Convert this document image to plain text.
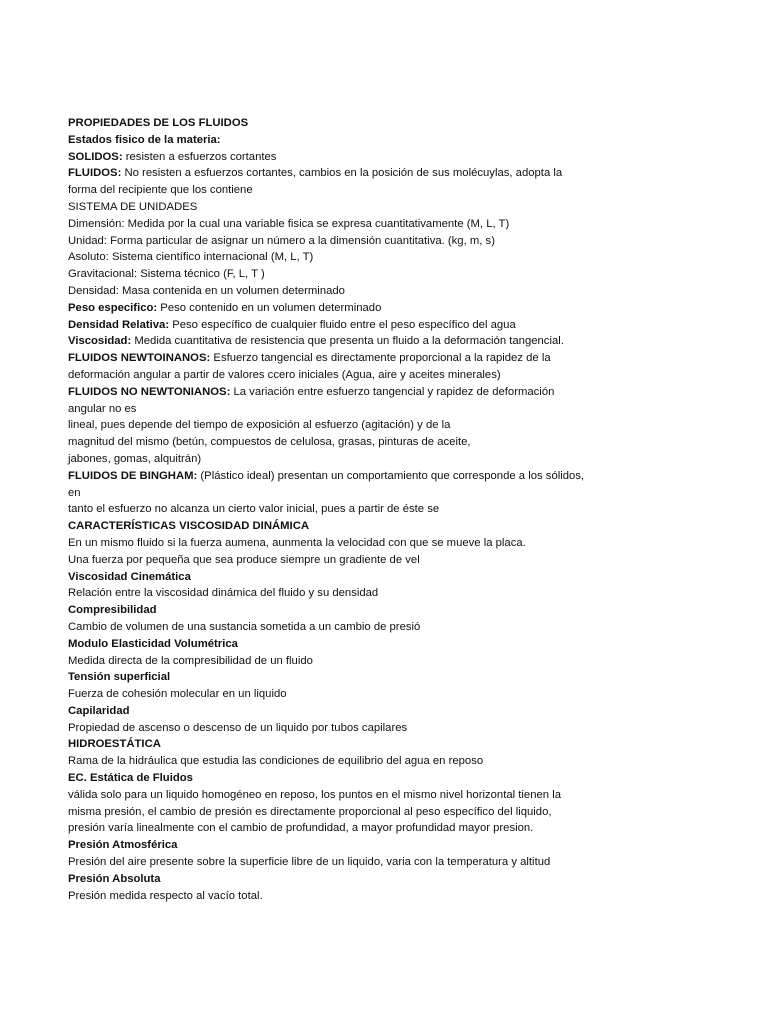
PROPIEDADES DE LOS FLUIDOS
Estados fisico de la materia:
SOLIDOS: resisten a esfuerzos cortantes
FLUIDOS: No resisten a esfuerzos cortantes, cambios en la posición de sus molécuylas, adopta la
forma del recipiente que los contiene
SISTEMA DE UNIDADES
Dimensión: Medida por la cual una variable fisica se expresa cuantitativamente (M, L, T)
Unidad: Forma particular de asignar un número a la dimensión cuantitativa. (kg, m, s)
Asoluto: Sistema científico internacional (M, L, T)
Gravitacional: Sistema técnico (F, L, T )
Densidad: Masa contenida en un volumen determinado
Peso especifico: Peso contenido en un volumen determinado
Densidad Relativa: Peso específico de cualquier fluido entre el peso específico del agua
Viscosidad: Medida cuantitativa de resistencia que presenta un fluido a la deformación tangencial.
FLUIDOS NEWTOINANOS: Esfuerzo tangencial es directamente proporcional a la rapidez de la
deformación angular a partir de valores ccero iniciales (Agua, aire y aceites minerales)
FLUIDOS NO NEWTONIANOS: La variación entre esfuerzo tangencial y rapidez de deformación
angular no es
lineal, pues depende del tiempo de exposición al esfuerzo (agitación) y de la
magnitud del mismo (betún, compuestos de celulosa, grasas, pinturas de aceite,
jabones, gomas, alquitrán)
FLUIDOS DE BINGHAM: (Plástico ideal) presentan un comportamiento que corresponde a los sólidos,
en
tanto el esfuerzo no alcanza un cierto valor inicial, pues a partir de éste se
CARACTERÍSTICAS VISCOSIDAD DINÁMICA
En un mismo fluido si la fuerza aumena, aunmenta la velocidad con que se mueve la placa.
Una fuerza por pequeña que sea produce siempre un gradiente de vel
Viscosidad Cinemática
Relación entre la viscosidad dinámica del fluido y su densidad
Compresibilidad
Cambio de volumen de una sustancia sometida a un cambio de presió
Modulo Elasticidad Volumétrica
Medida directa de la compresibilidad de un fluido
Tensión superficial
Fuerza de cohesión molecular en un liquido
Capilaridad
Propiedad de ascenso o descenso de un liquido por tubos capilares
HIDROESTÁTICA
Rama de la hidráulica que estudia las condiciones de equilibrio del agua en reposo
EC. Estática de Fluidos
válida solo para un liquido homogéneo en reposo, los puntos en el mismo nivel horizontal tienen la
misma presión, el cambio de presión es directamente proporcional al peso específico del liquido,
presión varía linealmente con el cambio de profundidad, a mayor profundidad mayor presion.
Presión Atmosférica
Presión del aire presente sobre la superficie libre de un liquido, varia con la temperatura y altitud
Presión Absoluta
Presión medida respecto al vacío total.
